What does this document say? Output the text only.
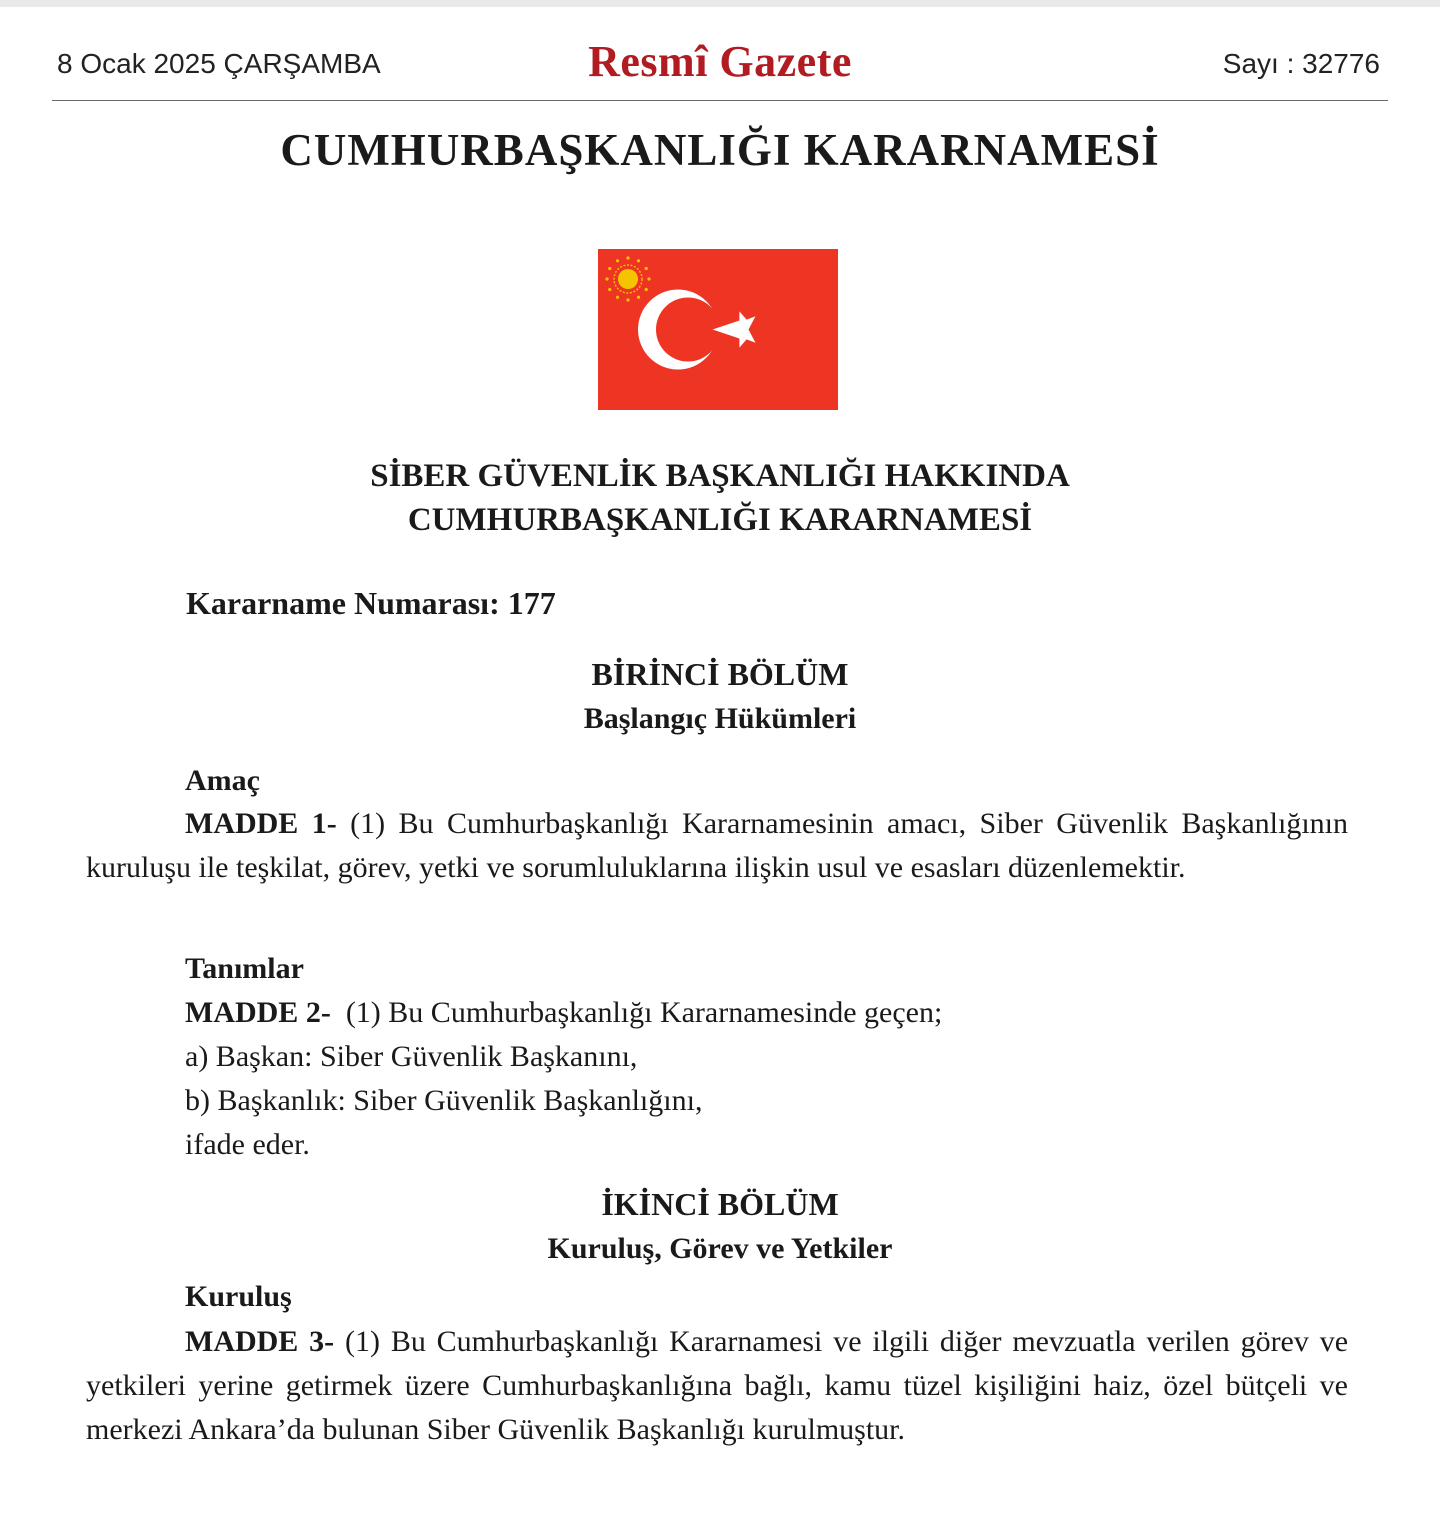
8 Ocak 2025 ÇARŞAMBA	Resmî Gazete	Sayı : 32776
CUMHURBAŞKANLIĞI KARARNAMESİ
SİBER GÜVENLİK BAŞKANLIĞI HAKKINDA
CUMHURBAŞKANLIĞI KARARNAMESİ
Kararname Numarası: 177
BİRİNCİ BÖLÜM
Başlangıç Hükümleri
Amaç

MADDE 1- (1) Bu Cumhurbaşkanlığı Kararnamesinin amacı, Siber Güvenlik Başkanlığının kuruluşu ile teşkilat, görev, yetki ve sorumluluklarına ilişkin usul ve esasları düzenlemektir.

Tanımlar
MADDE 2- (1) Bu Cumhurbaşkanlığı Kararnamesinde geçen;
a) Başkan: Siber Güvenlik Başkanını,
b) Başkanlık: Siber Güvenlik Başkanlığını,
ifade eder.
İKİNCİ BÖLÜM
Kuruluş, Görev ve Yetkiler
Kuruluş

MADDE 3- (1) Bu Cumhurbaşkanlığı Kararnamesi ve ilgili diğer mevzuatla verilen görev ve yetkileri yerine getirmek üzere Cumhurbaşkanlığına bağlı, kamu tüzel kişiliğini haiz, özel bütçeli ve merkezi Ankara’da bulunan Siber Güvenlik Başkanlığı kurulmuştur.
